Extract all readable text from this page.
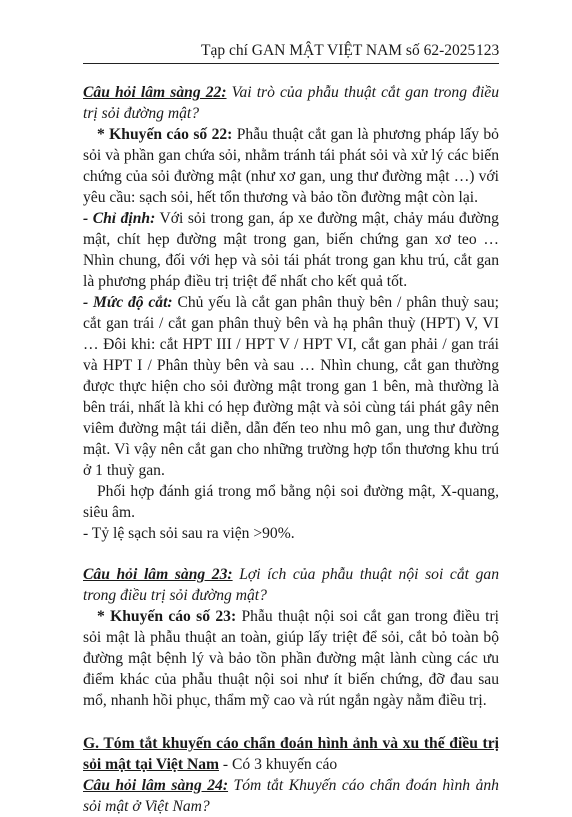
Tạp chí GAN MẬT VIỆT NAM số 62-2025 123

Câu hỏi lâm sàng 22: Vai trò của phẫu thuật cắt gan trong điều trị sỏi đường mật?

* Khuyến cáo số 22: Phẫu thuật cắt gan là phương pháp lấy bỏ sỏi và phần gan chứa sỏi, nhằm tránh tái phát sỏi và xử lý các biến chứng của sỏi đường mật (như xơ gan, ung thư đường mật …) với yêu cầu: sạch sỏi, hết tổn thương và bảo tồn đường mật còn lại.

- Chỉ định: Với sỏi trong gan, áp xe đường mật, chảy máu đường mật, chít hẹp đường mật trong gan, biến chứng gan xơ teo … Nhìn chung, đối với hẹp và sỏi tái phát trong gan khu trú, cắt gan là phương pháp điều trị triệt để nhất cho kết quả tốt.

- Mức độ cắt: Chủ yếu là cắt gan phân thuỳ bên / phân thuỳ sau; cắt gan trái / cắt gan phân thuỳ bên và hạ phân thuỳ (HPT) V, VI … Đôi khi: cắt HPT III / HPT V / HPT VI, cắt gan phải / gan trái và HPT I / Phân thùy bên và sau … Nhìn chung, cắt gan thường được thực hiện cho sỏi đường mật trong gan 1 bên, mà thường là bên trái, nhất là khi có hẹp đường mật và sỏi cùng tái phát gây nên viêm đường mật tái diễn, dẫn đến teo nhu mô gan, ung thư đường mật. Vì vậy nên cắt gan cho những trường hợp tổn thương khu trú ở 1 thuỳ gan.

Phối hợp đánh giá trong mổ bằng nội soi đường mật, X-quang, siêu âm.

- Tỷ lệ sạch sỏi sau ra viện >90%.

Câu hỏi lâm sàng 23: Lợi ích của phẫu thuật nội soi cắt gan trong điều trị sỏi đường mật?

* Khuyến cáo số 23: Phẫu thuật nội soi cắt gan trong điều trị sỏi mật là phẫu thuật an toàn, giúp lấy triệt để sỏi, cắt bỏ toàn bộ đường mật bệnh lý và bảo tồn phần đường mật lành cùng các ưu điểm khác của phẫu thuật nội soi như ít biến chứng, đỡ đau sau mổ, nhanh hồi phục, thẩm mỹ cao và rút ngắn ngày nằm điều trị.

G. Tóm tắt khuyến cáo chẩn đoán hình ảnh và xu thế điều trị sỏi mật tại Việt Nam - Có 3 khuyến cáo

Câu hỏi lâm sàng 24: Tóm tắt Khuyến cáo chẩn đoán hình ảnh sỏi mật ở Việt Nam?
